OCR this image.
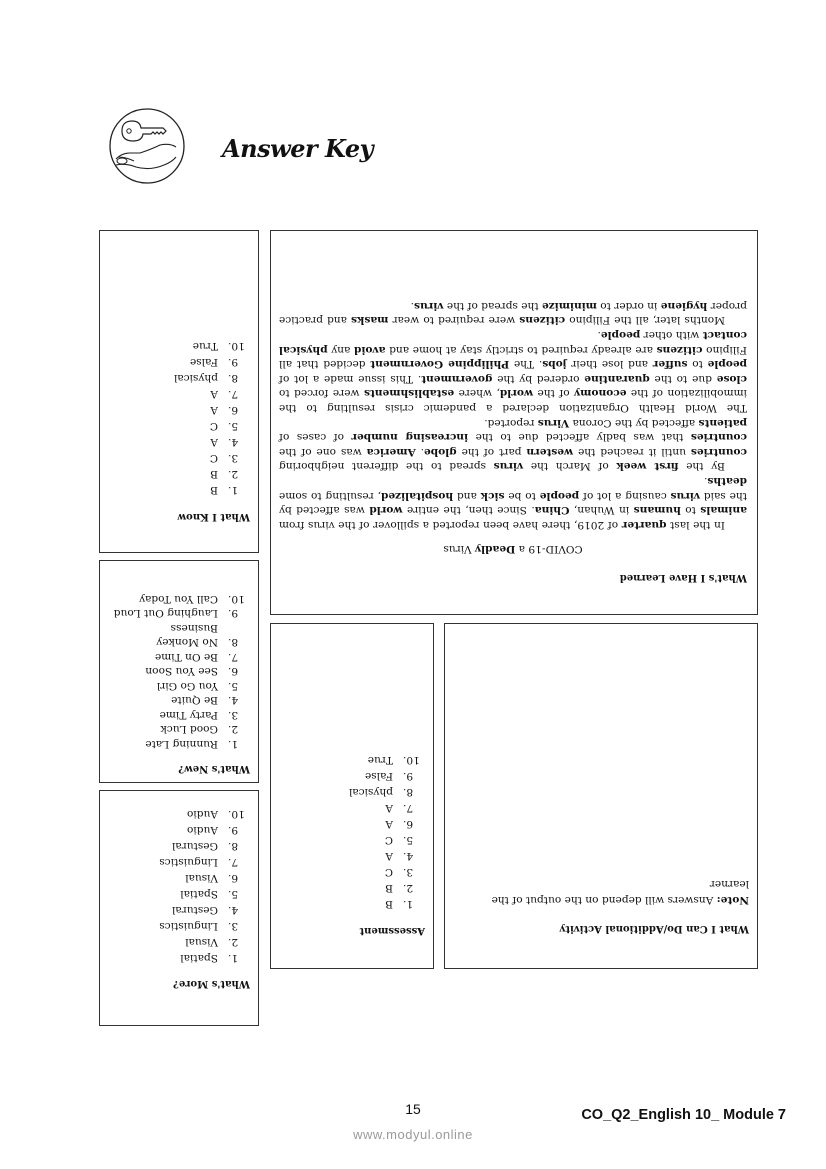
Answer Key
What's I Have Learned
COVID-19 a Deadly Virus

In the last quarter of 2019, there have been reported a spillover of the virus from animals to humans in Wuhan, China. Since then, the entire world was affected by the said virus causing a lot of people to be sick and hospitalized, resulting to some deaths.

By the first week of March the virus spread to the different neighboring countries until it reached the western part of the globe. America was one of the countries that was badly affected due to the increasing number of cases of patients affected by the Corona Virus reported.

The World Health Organization declared a pandemic crisis resulting to the immobilization of the economy of the world, where establishments were forced to close due to the quarantine ordered by the government. This issue made a lot of people to suffer and lose their jobs. The Philippine Government decided that all Filipino citizens are already required to strictly stay at home and avoid any physical contact with other people.

Months later, all the Filipino citizens were required to wear masks and practice proper hygiene in order to minimize the spread of the virus.

What I Know
1.
B
2.
B
3.
C
4.
A
5.
C
6.
A
7.
A
8.
physical
9.
False
10.
True
What's New?
1.
Running Late
2.
Good Luck
3.
Party Time
4.
Be Quite
5.
You Go Girl
6.
See You Soon
7.
Be On Time
8.
No Monkey Business
9.
Laughing Out Loud
10.
Call You Today
What's More?
1.
Spatial
2.
Visual
3.
Linguistics
4.
Gestural
5.
Spatial
6.
Visual
7.
Linguistics
8.
Gestural
9.
Audio
10.
Audio
Assessment
1.
B
2.
B
3.
C
4.
A
5.
C
6.
A
7.
A
8.
physical
9.
False
10.
True
What I Can Do/Additional Activity
Note: Answers will depend on the output of the learner
15	CO_Q2_English 10_ Module 7
www.modyul.online
